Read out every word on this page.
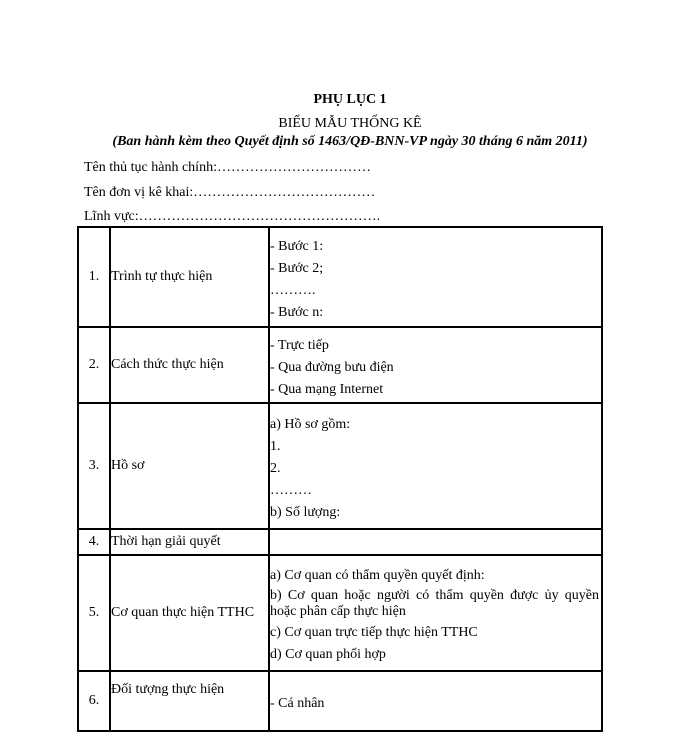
PHỤ LỤC 1
BIỂU MẪU THỐNG KÊ
(Ban hành kèm theo Quyết định số 1463/QĐ-BNN-VP ngày 30 tháng 6 năm 2011)
Tên thủ tục hành chính:……………………………
Tên đơn vị kê khai:…………………………………
Lĩnh vực:…………………………………………….
1.	Trình tự thực hiện	- Bước 1:
- Bước 2;
……….
- Bước n:

2.	Cách thức thực hiện	- Trực tiếp
- Qua đường bưu điện
- Qua mạng Internet

3.	Hồ sơ	a) Hồ sơ gồm:
1.
2.
………
b) Số lượng:

4.	Thời hạn giải quyết	
5.	Cơ quan thực hiện TTHC	a) Cơ quan có thẩm quyền quyết định:
b) Cơ quan hoặc người có thẩm quyền được ủy quyền hoặc phân cấp thực hiện
c) Cơ quan trực tiếp thực hiện TTHC
d) Cơ quan phối hợp

6.	Đối tượng thực hiện	- Cá nhân
